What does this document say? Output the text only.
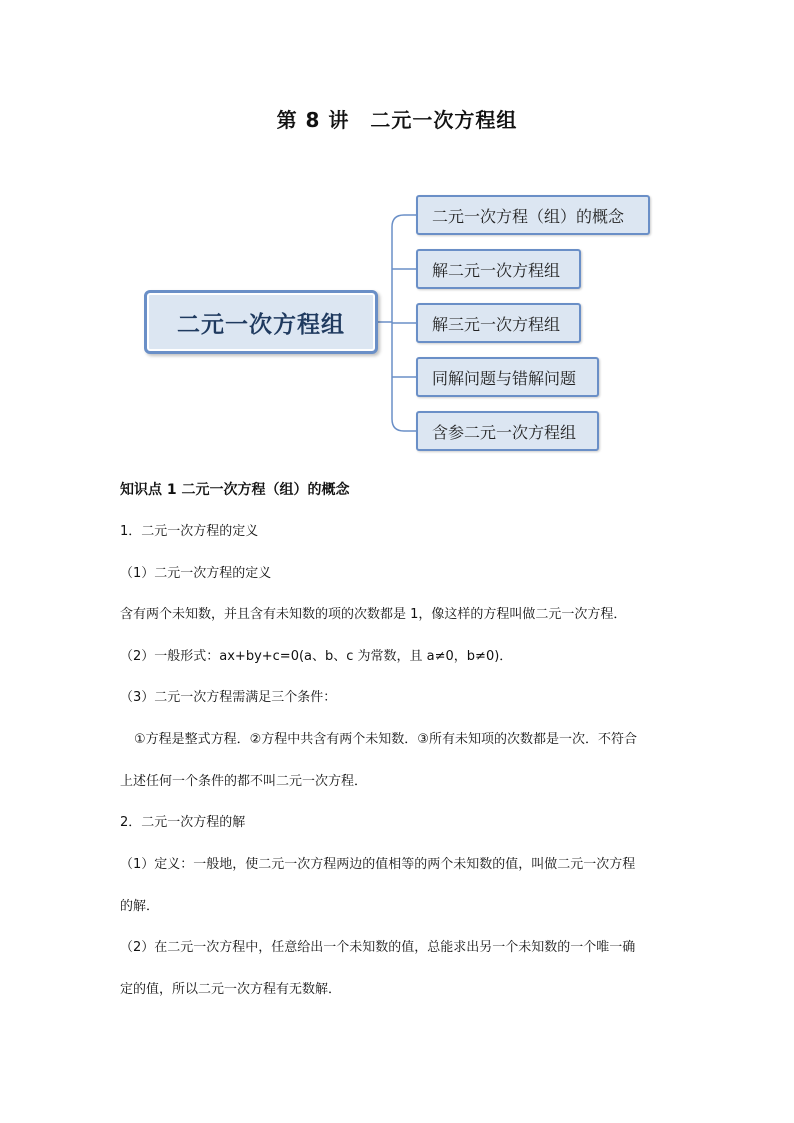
第 8 讲　二元一次方程组
二元一次方程组
二元一次方程（组）的概念
解二元一次方程组
解三元一次方程组
同解问题与错解问题
含参二元一次方程组
知识点 1 二元一次方程（组）的概念
1．二元一次方程的定义
（1）二元一次方程的定义
含有两个未知数，并且含有未知数的项的次数都是 1，像这样的方程叫做二元一次方程．
（2）一般形式：ax+by+c=0(a、b、c 为常数，且 a≠0，b≠0)．
（3）二元一次方程需满足三个条件：
①方程是整式方程．②方程中共含有两个未知数．③所有未知项的次数都是一次．不符合
上述任何一个条件的都不叫二元一次方程．
2．二元一次方程的解
（1）定义：一般地，使二元一次方程两边的值相等的两个未知数的值，叫做二元一次方程
的解．
（2）在二元一次方程中，任意给出一个未知数的值，总能求出另一个未知数的一个唯一确
定的值，所以二元一次方程有无数解．
